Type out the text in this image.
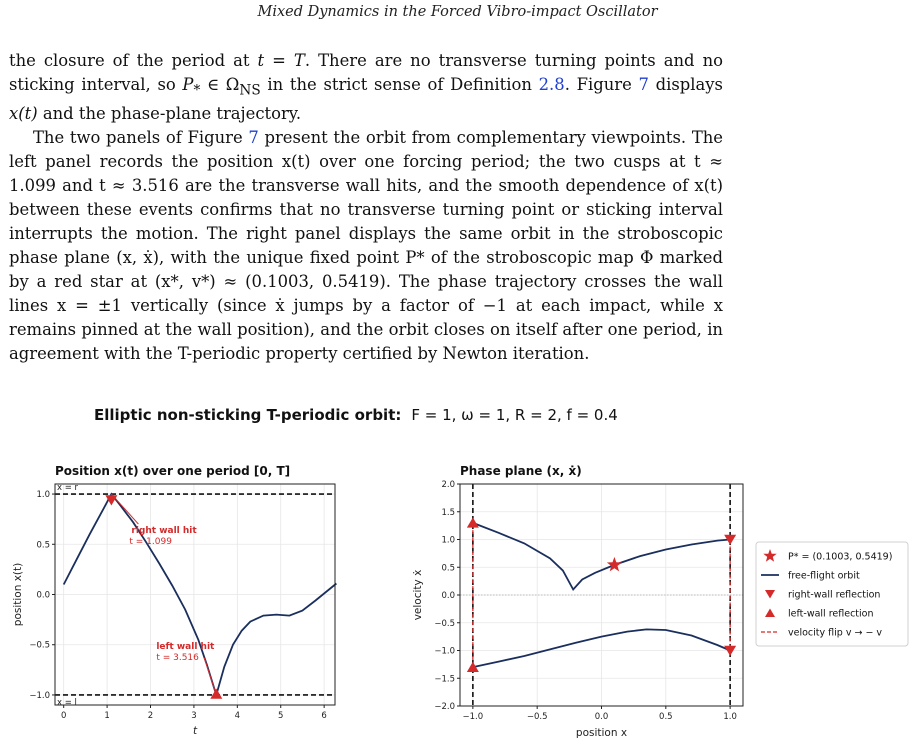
Mixed Dynamics in the Forced Vibro-impact Oscillator

the closure of the period at t = T. There are no transverse turning points and no sticking interval, so $P_*$ ∈ $\Omega_{NS}$ in the strict sense of Definition 2.8. Figure 7 displays x(t) and the phase-plane trajectory.

The two panels of Figure 7 present the orbit from complementary viewpoints. The left panel records the position x(t) over one forcing period; the two cusps at t ≈ 1.099 and t ≈ 3.516 are the transverse wall hits, and the smooth dependence of x(t) between these events confirms that no transverse turning point or sticking interval interrupts the motion. The right panel displays the same orbit in the stroboscopic phase plane (x, ẋ), with the unique fixed point P* of the stroboscopic map Φ marked by a red star at (x*, v*) ≈ (0.1003, 0.5419). The phase trajectory crosses the wall lines x = ±1 vertically (since ẋ jumps by a factor of −1 at each impact, while x remains pinned at the wall position), and the orbit closes on itself after one period, in agreement with the T-periodic property certified by Newton iteration.

Elliptic non-sticking T-periodic orbit: F = 1, ω = 1, R = 2, f = 0.4
Position x(t) over one period [0, T]
x = r
x = l
right wall hit
t = 1.099
left wall hit
t = 3.516
0	1	2	3	4	5	6
−1.0
−0.5
0.0
0.5
1.0
t
position x(t)
Phase plane (x, ẋ)
−1.0	−0.5	0.0	0.5	1.0
−2.0
−1.5
−1.0
−0.5
0.0
0.5
1.0
1.5
2.0
position x
velocity ẋ
P* = (0.1003, 0.5419)
free-flight orbit
right-wall reflection
left-wall reflection
velocity flip v → − v
